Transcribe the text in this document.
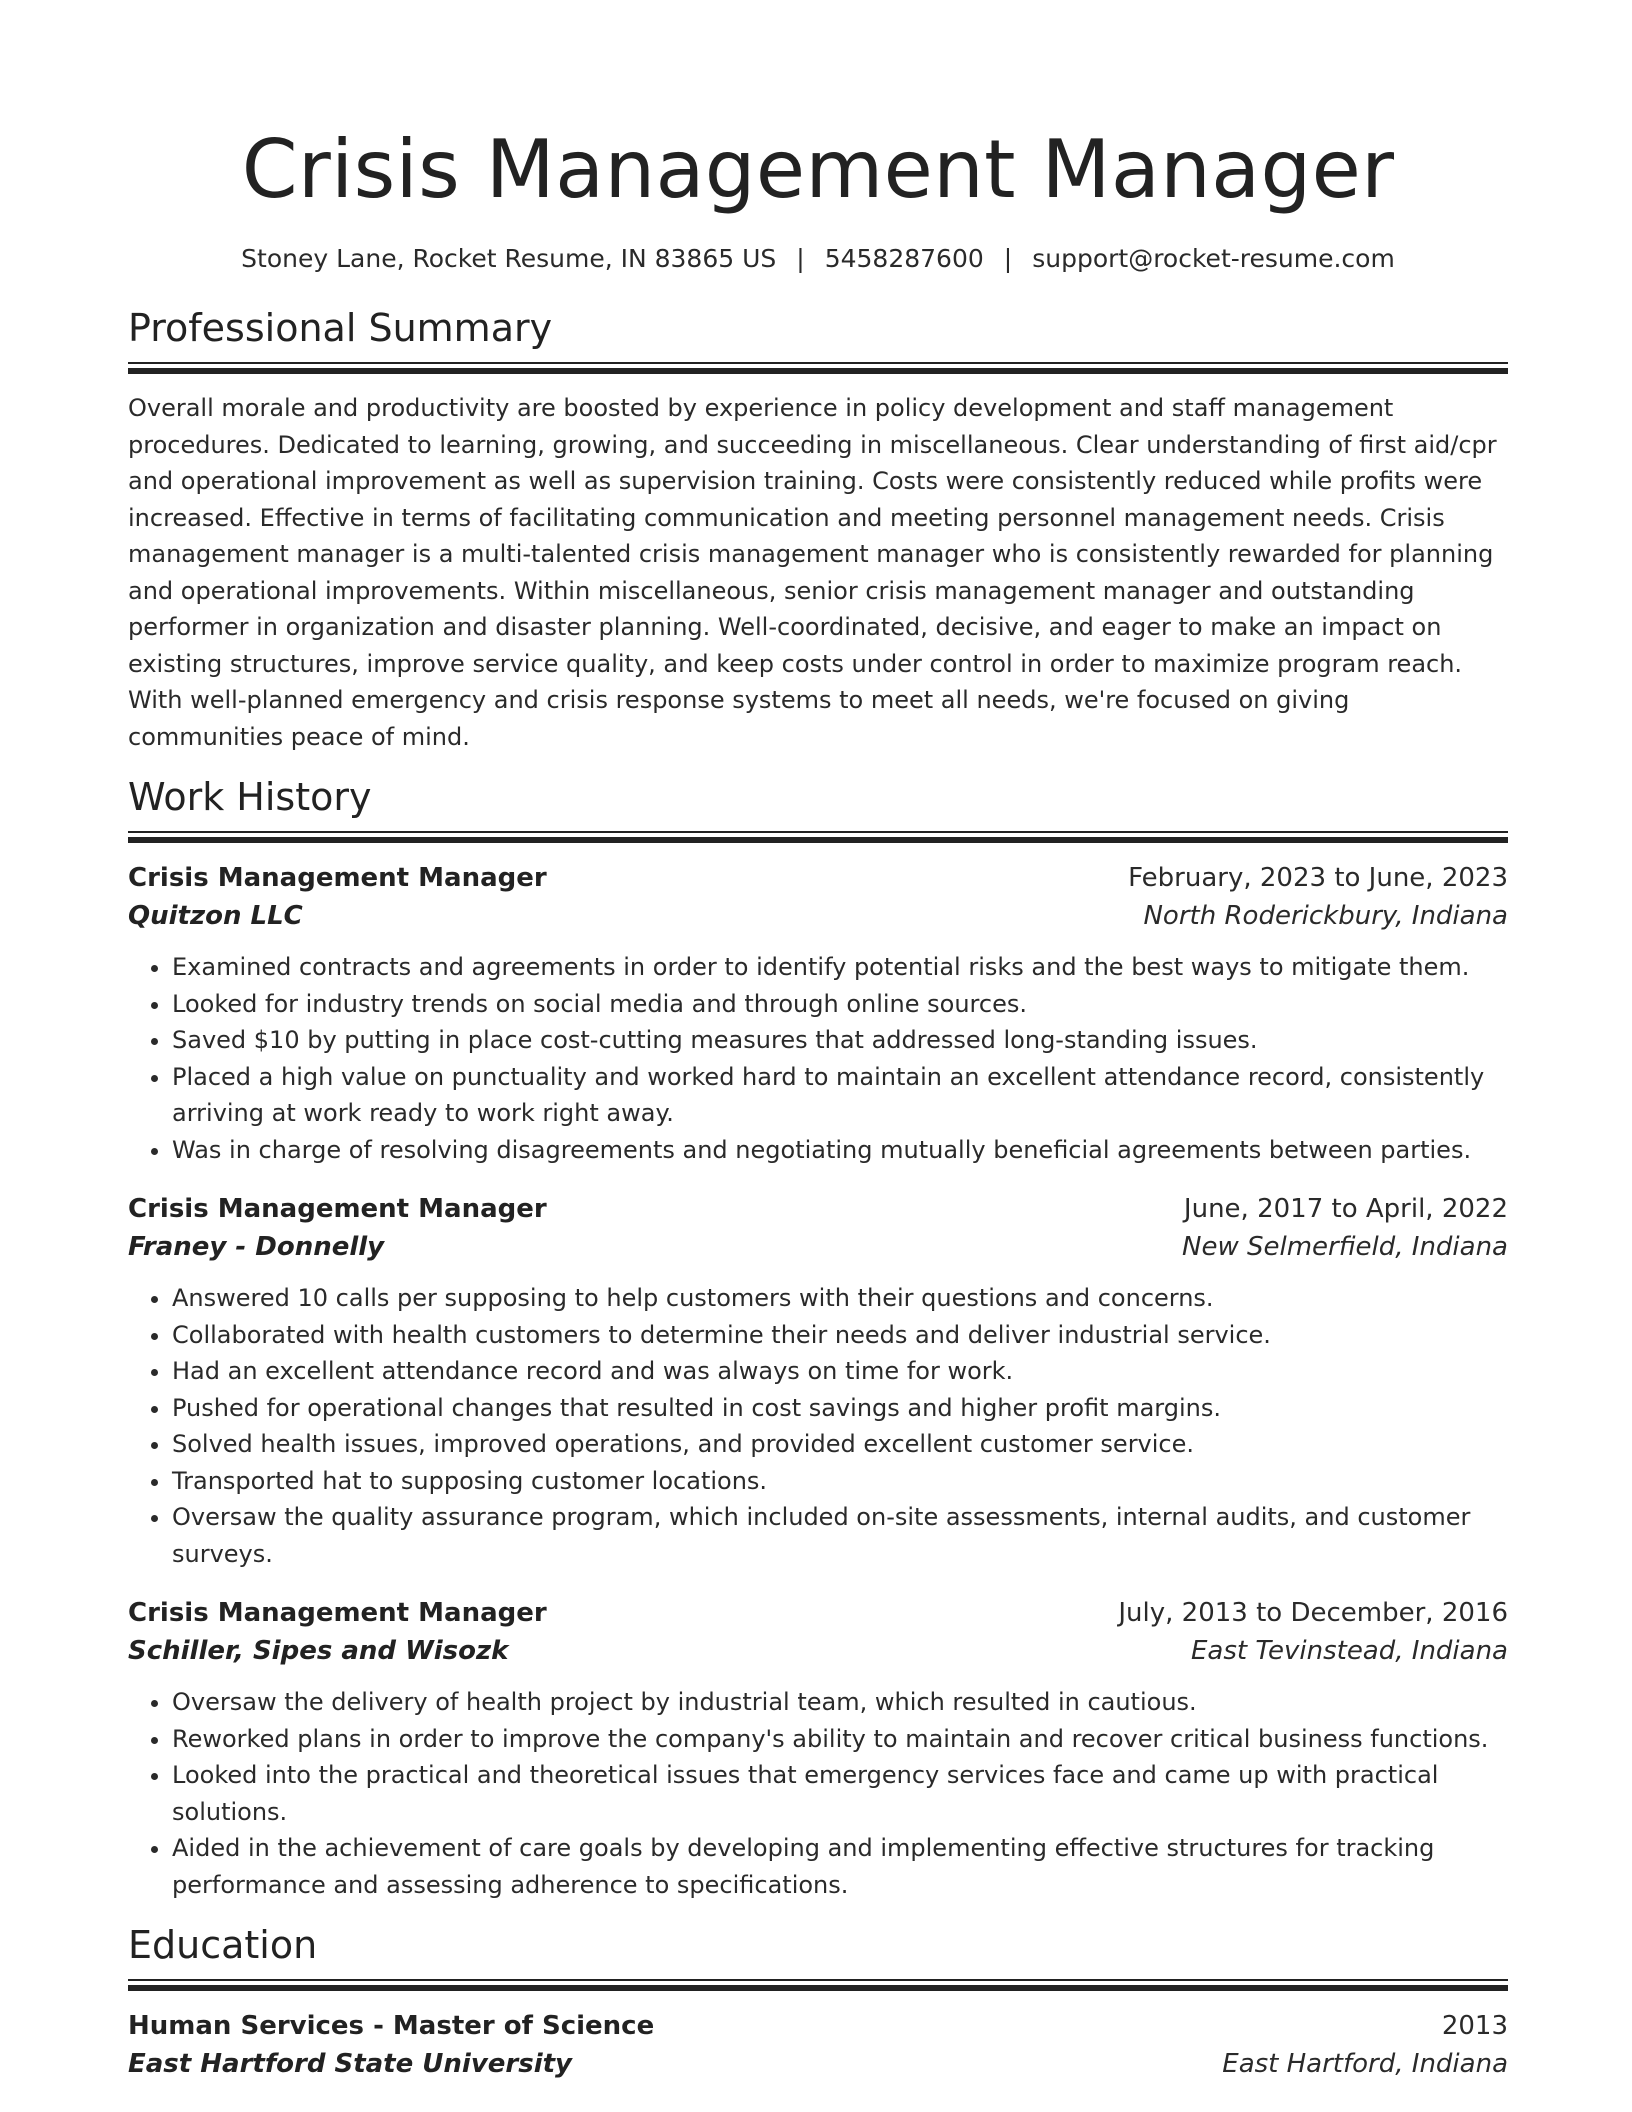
Crisis Management Manager
Stoney Lane, Rocket Resume, IN 83865 US | 5458287600 | support@rocket-resume.com
Professional Summary

Overall morale and productivity are boosted by experience in policy development and staff management procedures. Dedicated to learning, growing, and succeeding in miscellaneous. Clear understanding of first aid/cpr and operational improvement as well as supervision training. Costs were consistently reduced while profits were increased. Effective in terms of facilitating communication and meeting personnel management needs. Crisis management manager is a multi-talented crisis management manager who is consistently rewarded for planning and operational improvements. Within miscellaneous, senior crisis management manager and outstanding performer in organization and disaster planning. Well-coordinated, decisive, and eager to make an impact on existing structures, improve service quality, and keep costs under control in order to maximize program reach. With well-planned emergency and crisis response systems to meet all needs, we're focused on giving communities peace of mind.

Work History
Crisis Management Manager	February, 2023 to June, 2023
Quitzon LLC	North Roderickbury, Indiana
• Examined contracts and agreements in order to identify potential risks and the best ways to mitigate them.
• Looked for industry trends on social media and through online sources.
• Saved $10 by putting in place cost-cutting measures that addressed long-standing issues.
• Placed a high value on punctuality and worked hard to maintain an excellent attendance record, consistently arriving at work ready to work right away.
• Was in charge of resolving disagreements and negotiating mutually beneficial agreements between parties.
Crisis Management Manager	June, 2017 to April, 2022
Franey - Donnelly	New Selmerfield, Indiana
• Answered 10 calls per supposing to help customers with their questions and concerns.
• Collaborated with health customers to determine their needs and deliver industrial service.
• Had an excellent attendance record and was always on time for work.
• Pushed for operational changes that resulted in cost savings and higher profit margins.
• Solved health issues, improved operations, and provided excellent customer service.
• Transported hat to supposing customer locations.
• Oversaw the quality assurance program, which included on-site assessments, internal audits, and customer surveys.
Crisis Management Manager	July, 2013 to December, 2016
Schiller, Sipes and Wisozk	East Tevinstead, Indiana
• Oversaw the delivery of health project by industrial team, which resulted in cautious.
• Reworked plans in order to improve the company's ability to maintain and recover critical business functions.
• Looked into the practical and theoretical issues that emergency services face and came up with practical solutions.
• Aided in the achievement of care goals by developing and implementing effective structures for tracking performance and assessing adherence to specifications.
Education
Human Services - Master of Science	2013
East Hartford State University	East Hartford, Indiana
